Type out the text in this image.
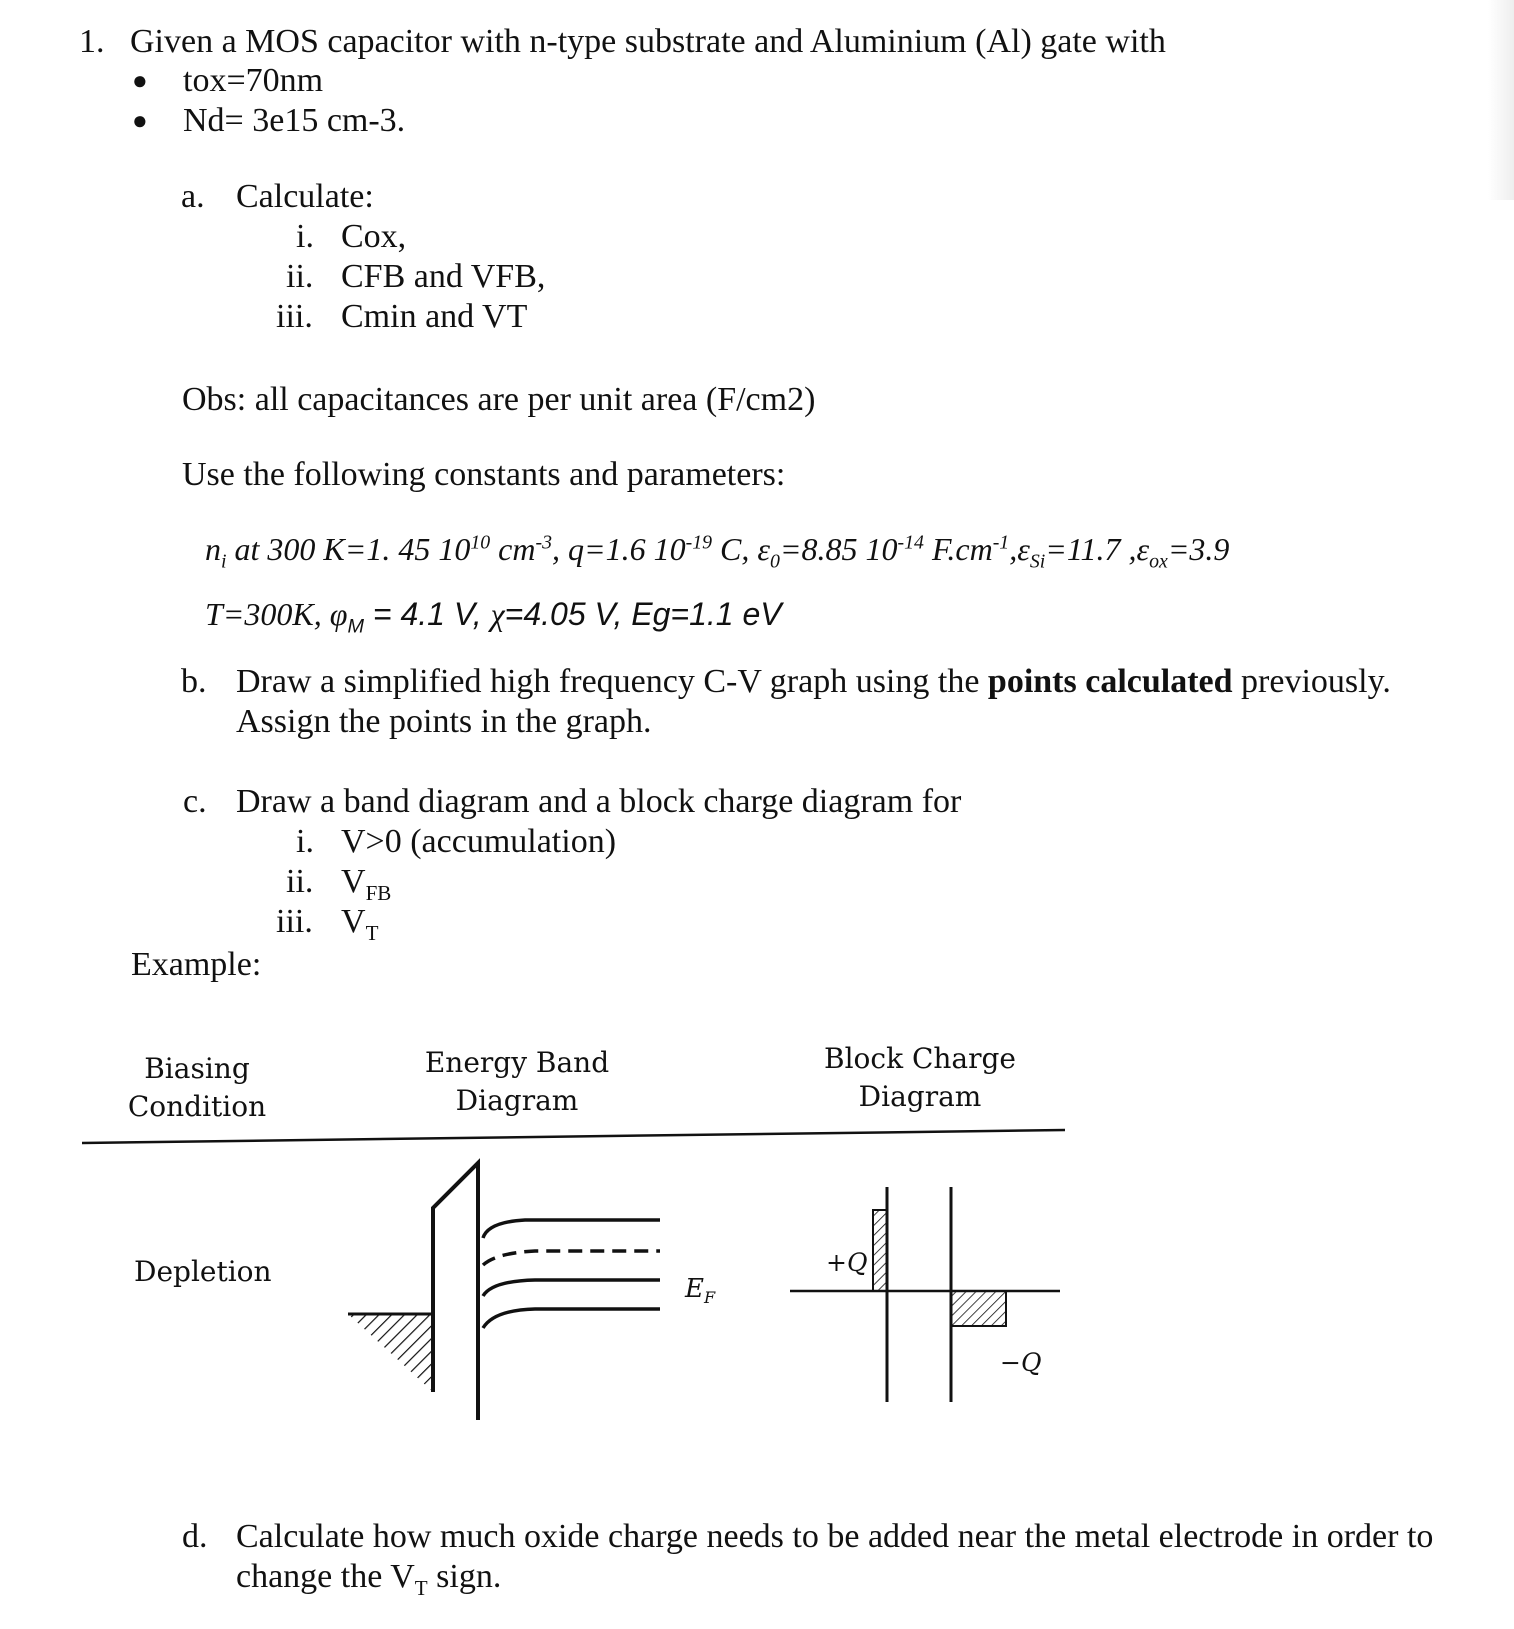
1. Given a MOS capacitor with n-type substrate and Aluminium (Al) gate with
● tox=70nm
● Nd= 3e15 cm-3.
a. Calculate:
i. Cox,
ii. CFB and VFB,
iii. Cmin and VT
Obs: all capacitances are per unit area (F/cm2)
Use the following constants and parameters:
$n_i$ at 300 K=1. 45 $10^{10}$ $cm^{-3}$, q=1.6 $10^{-19}$ C, $\varepsilon_0=8.85$ $10^{-14}$ $F.cm^{-1},\varepsilon_{Si}=11.7$ $,\varepsilon_{ox}=3.9$
T=300K, $\varphi_M = 4.1$ V, χ=4.05 V, Eg=1.1 eV
b. Draw a simplified high frequency C-V graph using the points calculated previously.
Assign the points in the graph.
c. Draw a band diagram and a block charge diagram for
i. V>0 (accumulation)
ii. $V_{FB}$
iii. $V_T$
Example:
Biasing
Condition
Energy Band
Diagram
Block Charge
Diagram
Depletion
$E_F$
+Q
−Q
d. Calculate how much oxide charge needs to be added near the metal electrode in order to
change the $V_T$ sign.
